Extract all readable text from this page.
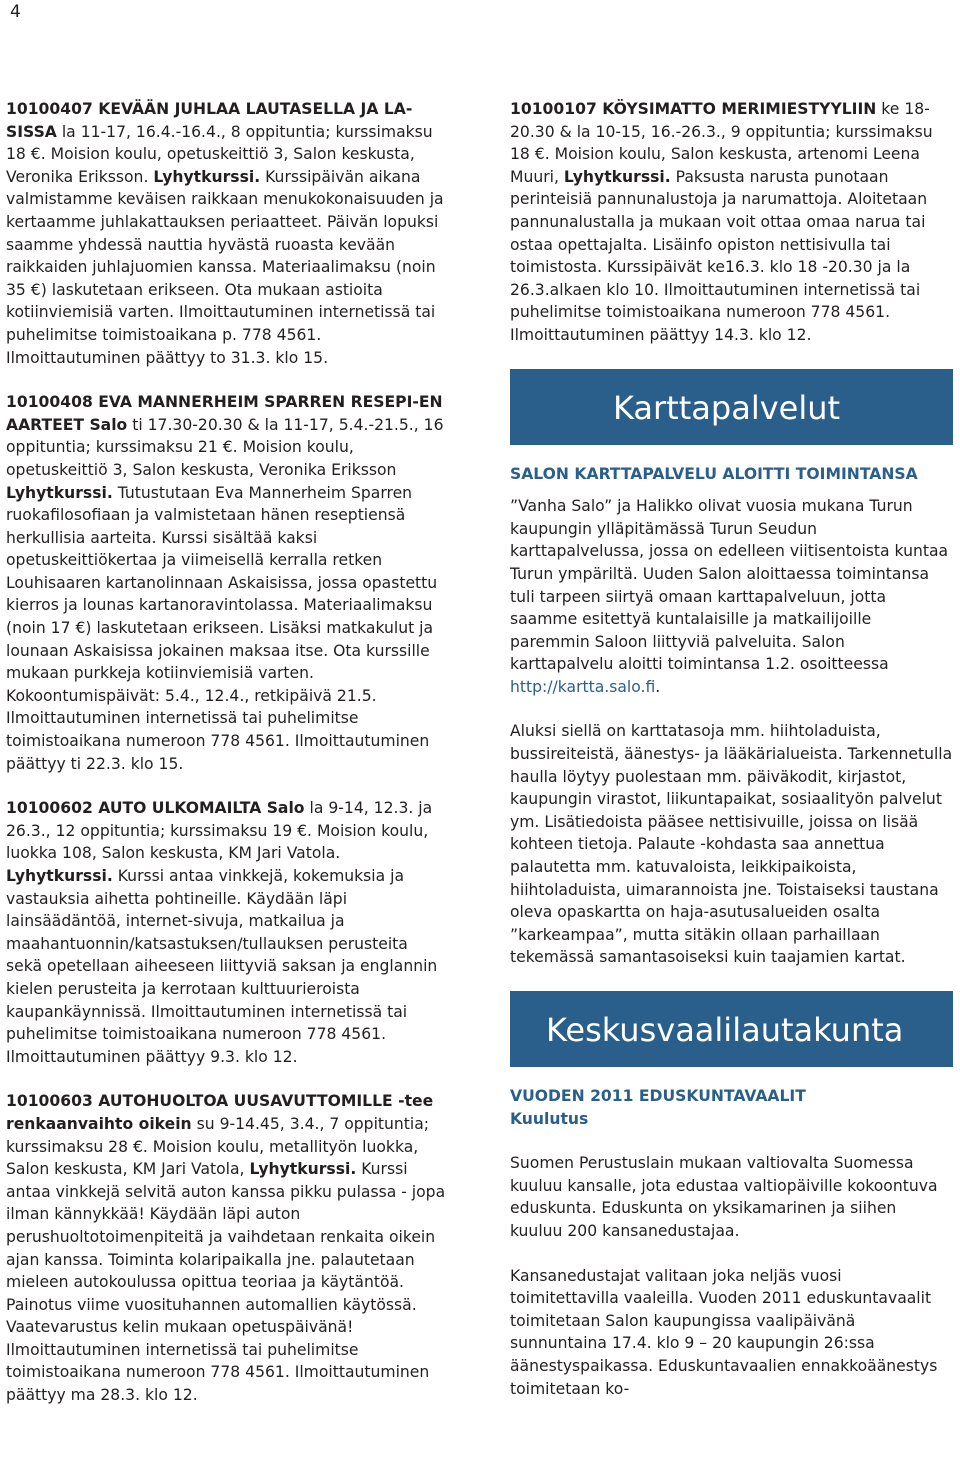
4
10100407 KEVÄÄN JUHLAA LAUTASELLA JA LA-SISSA la 11-17, 16.4.-16.4., 8 oppituntia; kurssimaksu 18 €. Moision koulu, opetuskeittiö 3, Salon keskusta, Veronika Eriksson. Lyhytkurssi. Kurssipäivän aikana valmistamme keväisen raikkaan menukokonaisuuden ja kertaamme juhlakattauksen periaatteet. Päivän lopuksi saamme yhdessä nauttia hyvästä ruoasta kevään raikkaiden juhlajuomien kanssa. Materiaalimaksu (noin 35 €) laskutetaan erikseen. Ota mukaan astioita kotiinviemisiä varten. Ilmoittautuminen internetissä tai puhelimitse toimistoaikana p. 778 4561. Ilmoittautuminen päättyy to 31.3. klo 15.
10100408 EVA MANNERHEIM SPARREN RESEPI-EN AARTEET Salo ti 17.30-20.30 & la 11-17, 5.4.-21.5., 16 oppituntia; kurssimaksu 21 €. Moision koulu, opetuskeittiö 3, Salon keskusta, Veronika Eriksson Lyhytkurssi. Tutustutaan Eva Mannerheim Sparren ruokafilosofiaan ja valmistetaan hänen reseptiensä herkullisia aarteita. Kurssi sisältää kaksi opetuskeittiökertaa ja viimeisellä kerralla retken Louhisaaren kartanolinnaan Askaisissa, jossa opastettu kierros ja lounas kartanoravintolassa. Materiaalimaksu (noin 17 €) laskutetaan erikseen. Lisäksi matkakulut ja lounaan Askaisissa jokainen maksaa itse. Ota kurssille mukaan purkkeja kotiinviemisiä varten. Kokoontumispäivät: 5.4., 12.4., retkipäivä 21.5. Ilmoittautuminen internetissä tai puhelimitse toimistoaikana numeroon 778 4561. Ilmoittautuminen päättyy ti 22.3. klo 15.
10100602 AUTO ULKOMAILTA Salo la 9-14, 12.3. ja 26.3., 12 oppituntia; kurssimaksu 19 €. Moision koulu, luokka 108, Salon keskusta, KM Jari Vatola. Lyhytkurssi. Kurssi antaa vinkkejä, kokemuksia ja vastauksia aihetta pohtineille. Käydään läpi lainsäädäntöä, internet-sivuja, matkailua ja maahantuonnin/katsastuksen/tullauksen perusteita sekä opetellaan aiheeseen liittyviä saksan ja englannin kielen perusteita ja kerrotaan kulttuurieroista kaupankäynnissä. Ilmoittautuminen internetissä tai puhelimitse toimistoaikana numeroon 778 4561. Ilmoittautuminen päättyy 9.3. klo 12.
10100603 AUTOHUOLTOA UUSAVUTTOMILLE -tee renkaanvaihto oikein su 9-14.45, 3.4., 7 oppituntia; kurssimaksu 28 €. Moision koulu, metallityön luokka, Salon keskusta, KM Jari Vatola, Lyhytkurssi. Kurssi antaa vinkkejä selvitä auton kanssa pikku pulassa - jopa ilman kännykkää! Käydään läpi auton perushuoltotoimenpiteitä ja vaihdetaan renkaita oikein ajan kanssa. Toiminta kolaripaikalla jne. palautetaan mieleen autokoulussa opittua teoriaa ja käytäntöä. Painotus viime vuosituhannen automallien käytössä. Vaatevarustus kelin mukaan opetuspäivänä! Ilmoittautuminen internetissä tai puhelimitse toimistoaikana numeroon 778 4561. Ilmoittautuminen päättyy ma 28.3. klo 12.
10100107 KÖYSIMATTO MERIMIESTYYLIIN ke 18-20.30 & la 10-15, 16.-26.3., 9 oppituntia; kurssimaksu 18 €. Moision koulu, Salon keskusta, artenomi Leena Muuri, Lyhytkurssi. Paksusta narusta punotaan perinteisiä pannunalustoja ja narumattoja. Aloitetaan pannunalustalla ja mukaan voit ottaa omaa narua tai ostaa opettajalta. Lisäinfo opiston nettisivulla tai toimistosta. Kurssipäivät ke16.3. klo 18 -20.30 ja la 26.3.alkaen klo 10. Ilmoittautuminen internetissä tai puhelimitse toimistoaikana numeroon 778 4561. Ilmoittautuminen päättyy 14.3. klo 12.
Karttapalvelut
SALON KARTTAPALVELU ALOITTI TOIMINTANSA

”Vanha Salo” ja Halikko olivat vuosia mukana Turun kaupungin ylläpitämässä Turun Seudun karttapalvelussa, jossa on edelleen viitisentoista kuntaa Turun ympäriltä. Uuden Salon aloittaessa toimintansa tuli tarpeen siirtyä omaan karttapalveluun, jotta saamme esitettyä kuntalaisille ja matkailijoille paremmin Saloon liittyviä palveluita. Salon karttapalvelu aloitti toimintansa 1.2. osoitteessa http://kartta.salo.fi.

Aluksi siellä on karttatasoja mm. hiihtoladuista, bussireiteistä, äänestys- ja lääkärialueista. Tarkennetulla haulla löytyy puolestaan mm. päiväkodit, kirjastot, kaupungin virastot, liikuntapaikat, sosiaalityön palvelut ym. Lisätiedoista pääsee nettisivuille, joissa on lisää kohteen tietoja. Palaute -kohdasta saa annettua palautetta mm. katuvaloista, leikkipaikoista, hiihtoladuista, uimarannoista jne. Toistaiseksi taustana oleva opaskartta on haja-asutusalueiden osalta ”karkeampaa”, mutta sitäkin ollaan parhaillaan tekemässä samantasoiseksi kuin taajamien kartat.

Keskusvaalilautakunta
VUODEN 2011 EDUSKUNTAVAALIT
Kuulutus

Suomen Perustuslain mukaan valtiovalta Suomessa kuuluu kansalle, jota edustaa valtiopäiville kokoontuva eduskunta. Eduskunta on yksikamarinen ja siihen kuuluu 200 kansanedustajaa.

Kansanedustajat valitaan joka neljäs vuosi toimitettavilla vaaleilla. Vuoden 2011 eduskuntavaalit toimitetaan Salon kaupungissa vaalipäivänä sunnuntaina 17.4. klo 9 – 20 kaupungin 26:ssa äänestyspaikassa. Eduskuntavaalien ennakkoäänestys toimitetaan ko-
